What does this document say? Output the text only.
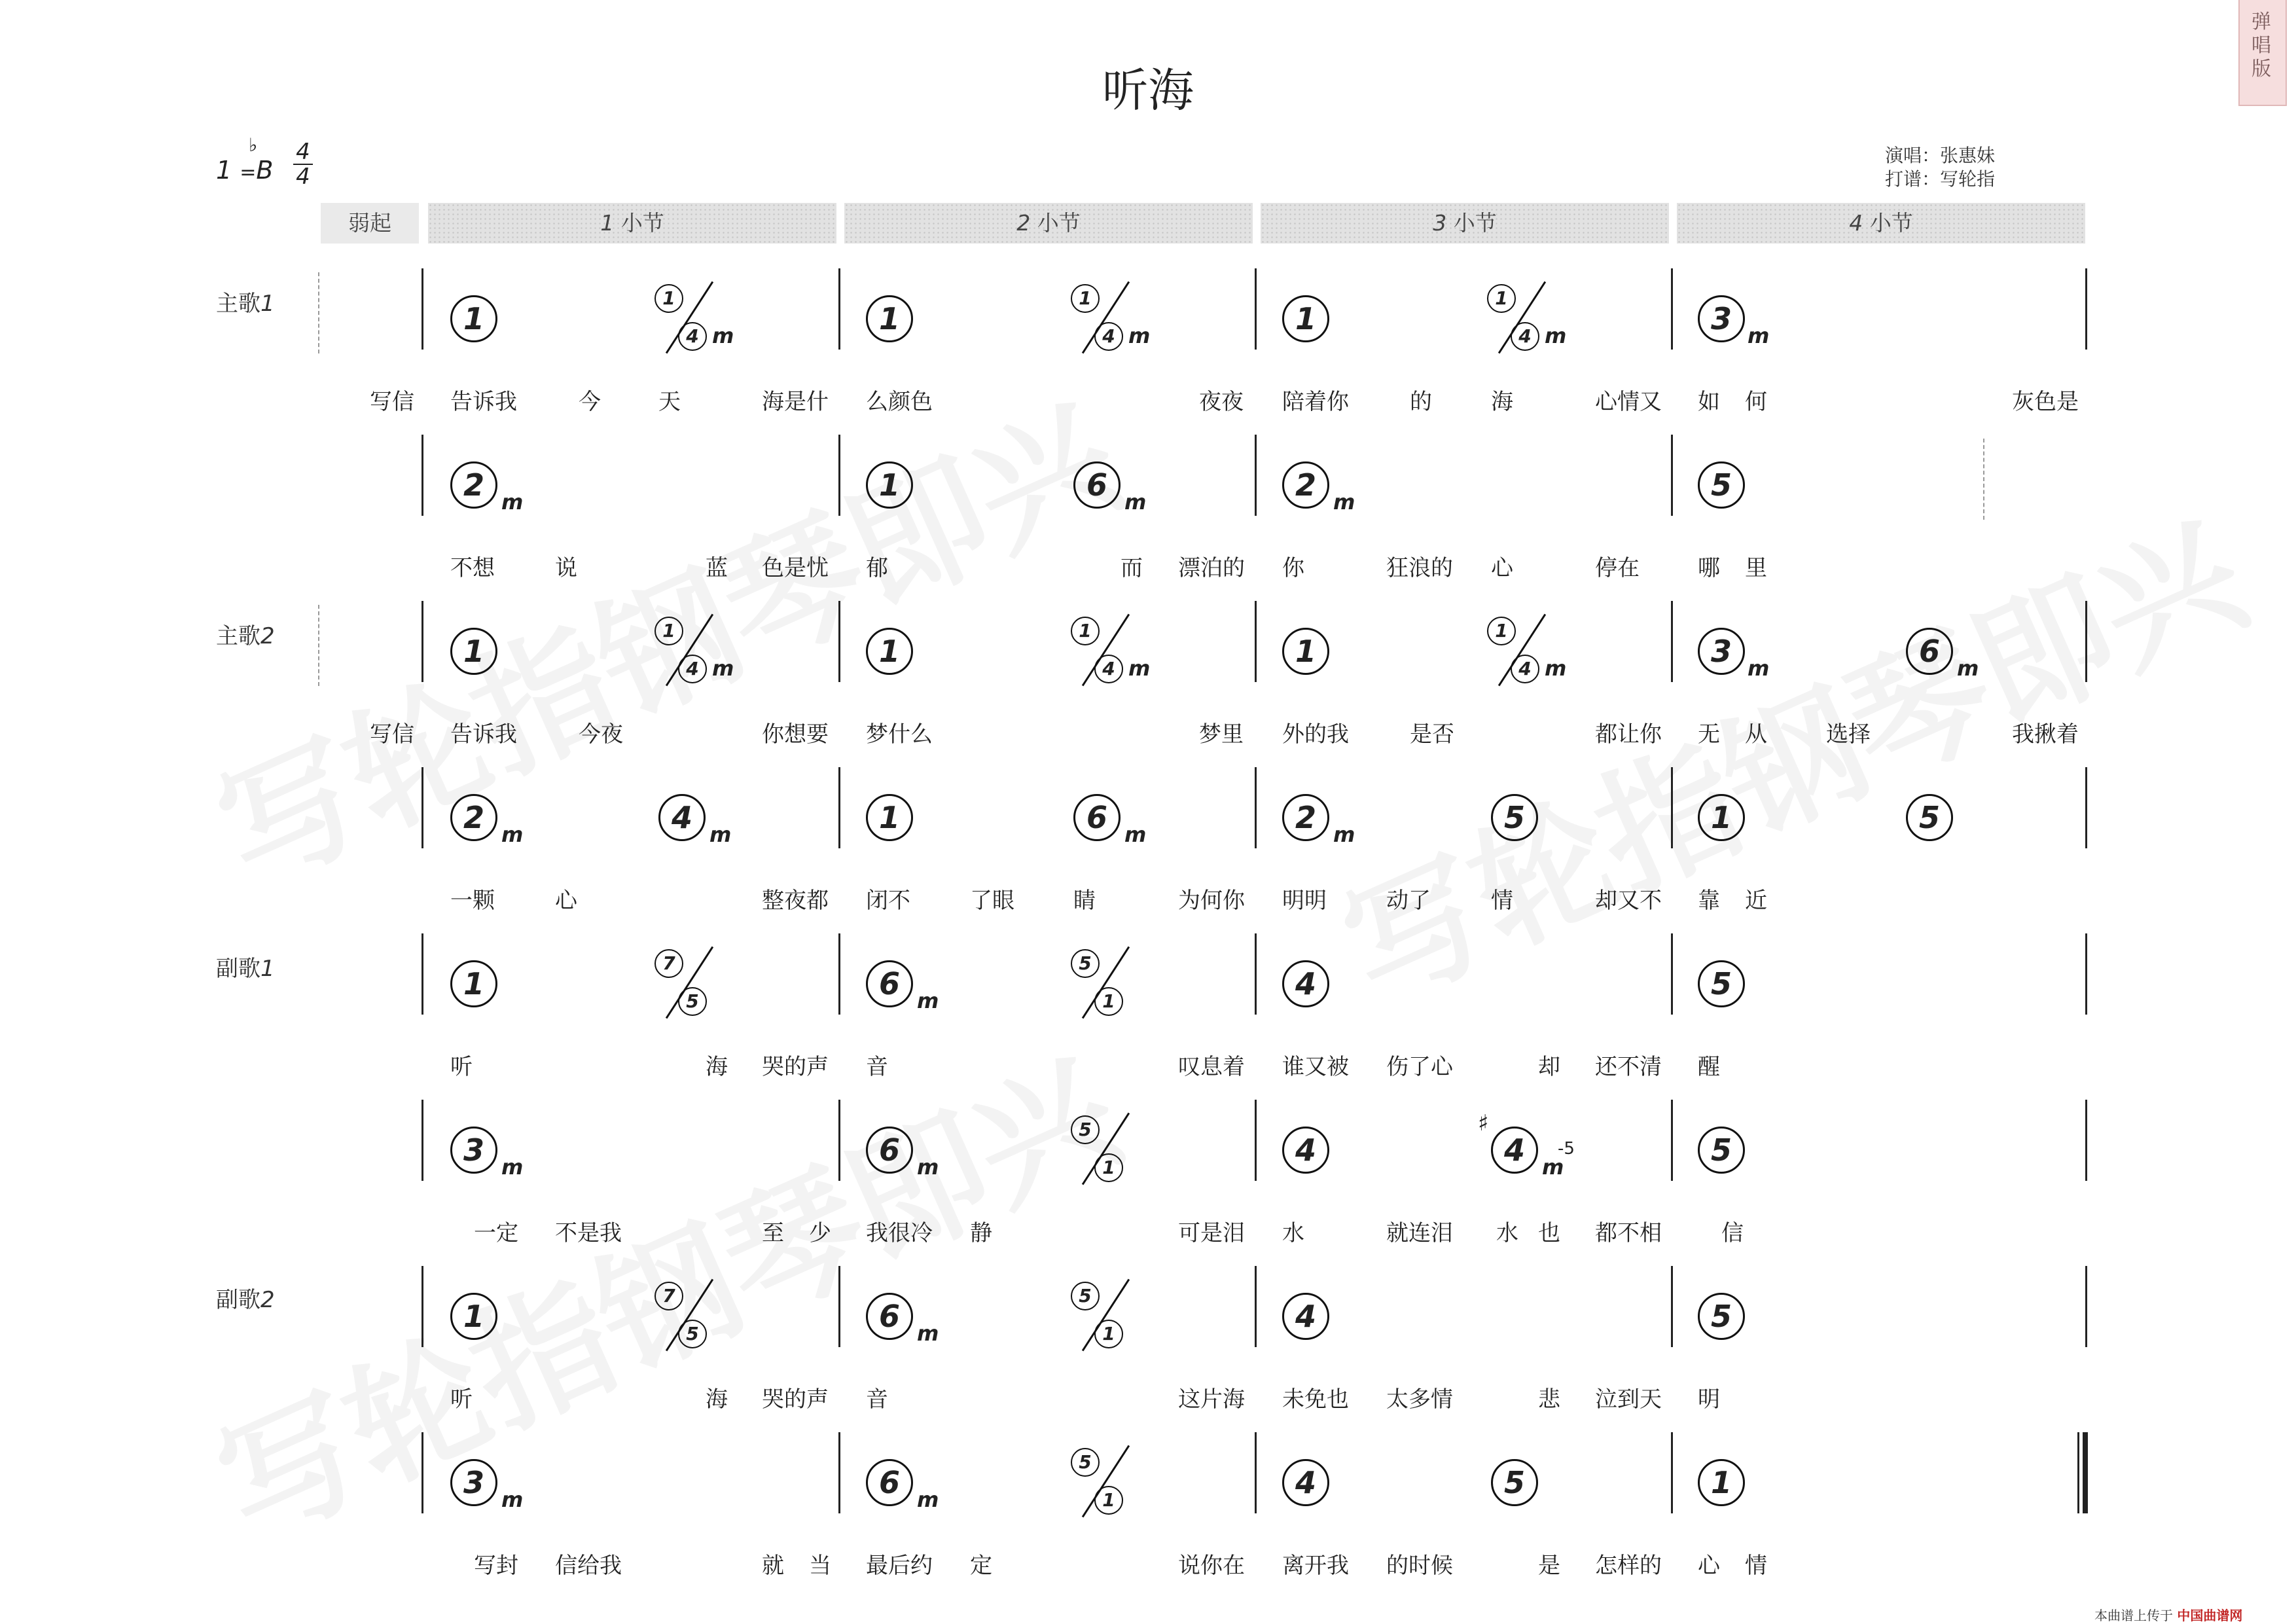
听海
弹唱版
1 =B
♭ 4
4
演唱：张惠妹
打谱：写轮指
弱起	1 小节	2 小节	3 小节	4 小节
主歌1
主歌2
副歌1
副歌2
1
1
4 m	1
1
4 m	1
1
4 m	3 m
写信 告诉我	今	天	海是什 么颜色	夜夜 陪着你	的	海	心情又 如 何	灰色是
2 m	1	6 m	2 m	5
不想	说	蓝 色是忧 郁	而 漂泊的 你	狂浪的 心	停在	哪 里
1
1
4 m	1
1
4 m	1
1
4 m	3 m	6 m
写信 告诉我	今夜	你想要 梦什么	梦里 外的我	是否	都让你 无 从	选择	我揪着
2 m	4 m	1	6 m	2 m	5	1	5
一颗	心	整夜都 闭不	了眼	睛	为何你 明明	动了	情	却又不 靠 近
1
7
5	6 m
5
1	4	5
听	海 哭的声 音	叹息着 谁又被 伤了心	却 还不清 醒
3 m	6 m
5
1	4
♯
4 m
-5	5
一定 不是我	至 少 我很冷 静	可是泪 水	就连泪 水 也 都不相	信
1
7
5	6 m
5
1	4	5
听	海 哭的声 音	这片海 未免也 太多情	悲 泣到天 明
3 m	6 m
5
1	4	5	1
写封 信给我	就 当 最后约 定	说你在 离开我 的时候	是 怎样的 心 情
本曲谱上传于 中国曲谱网
